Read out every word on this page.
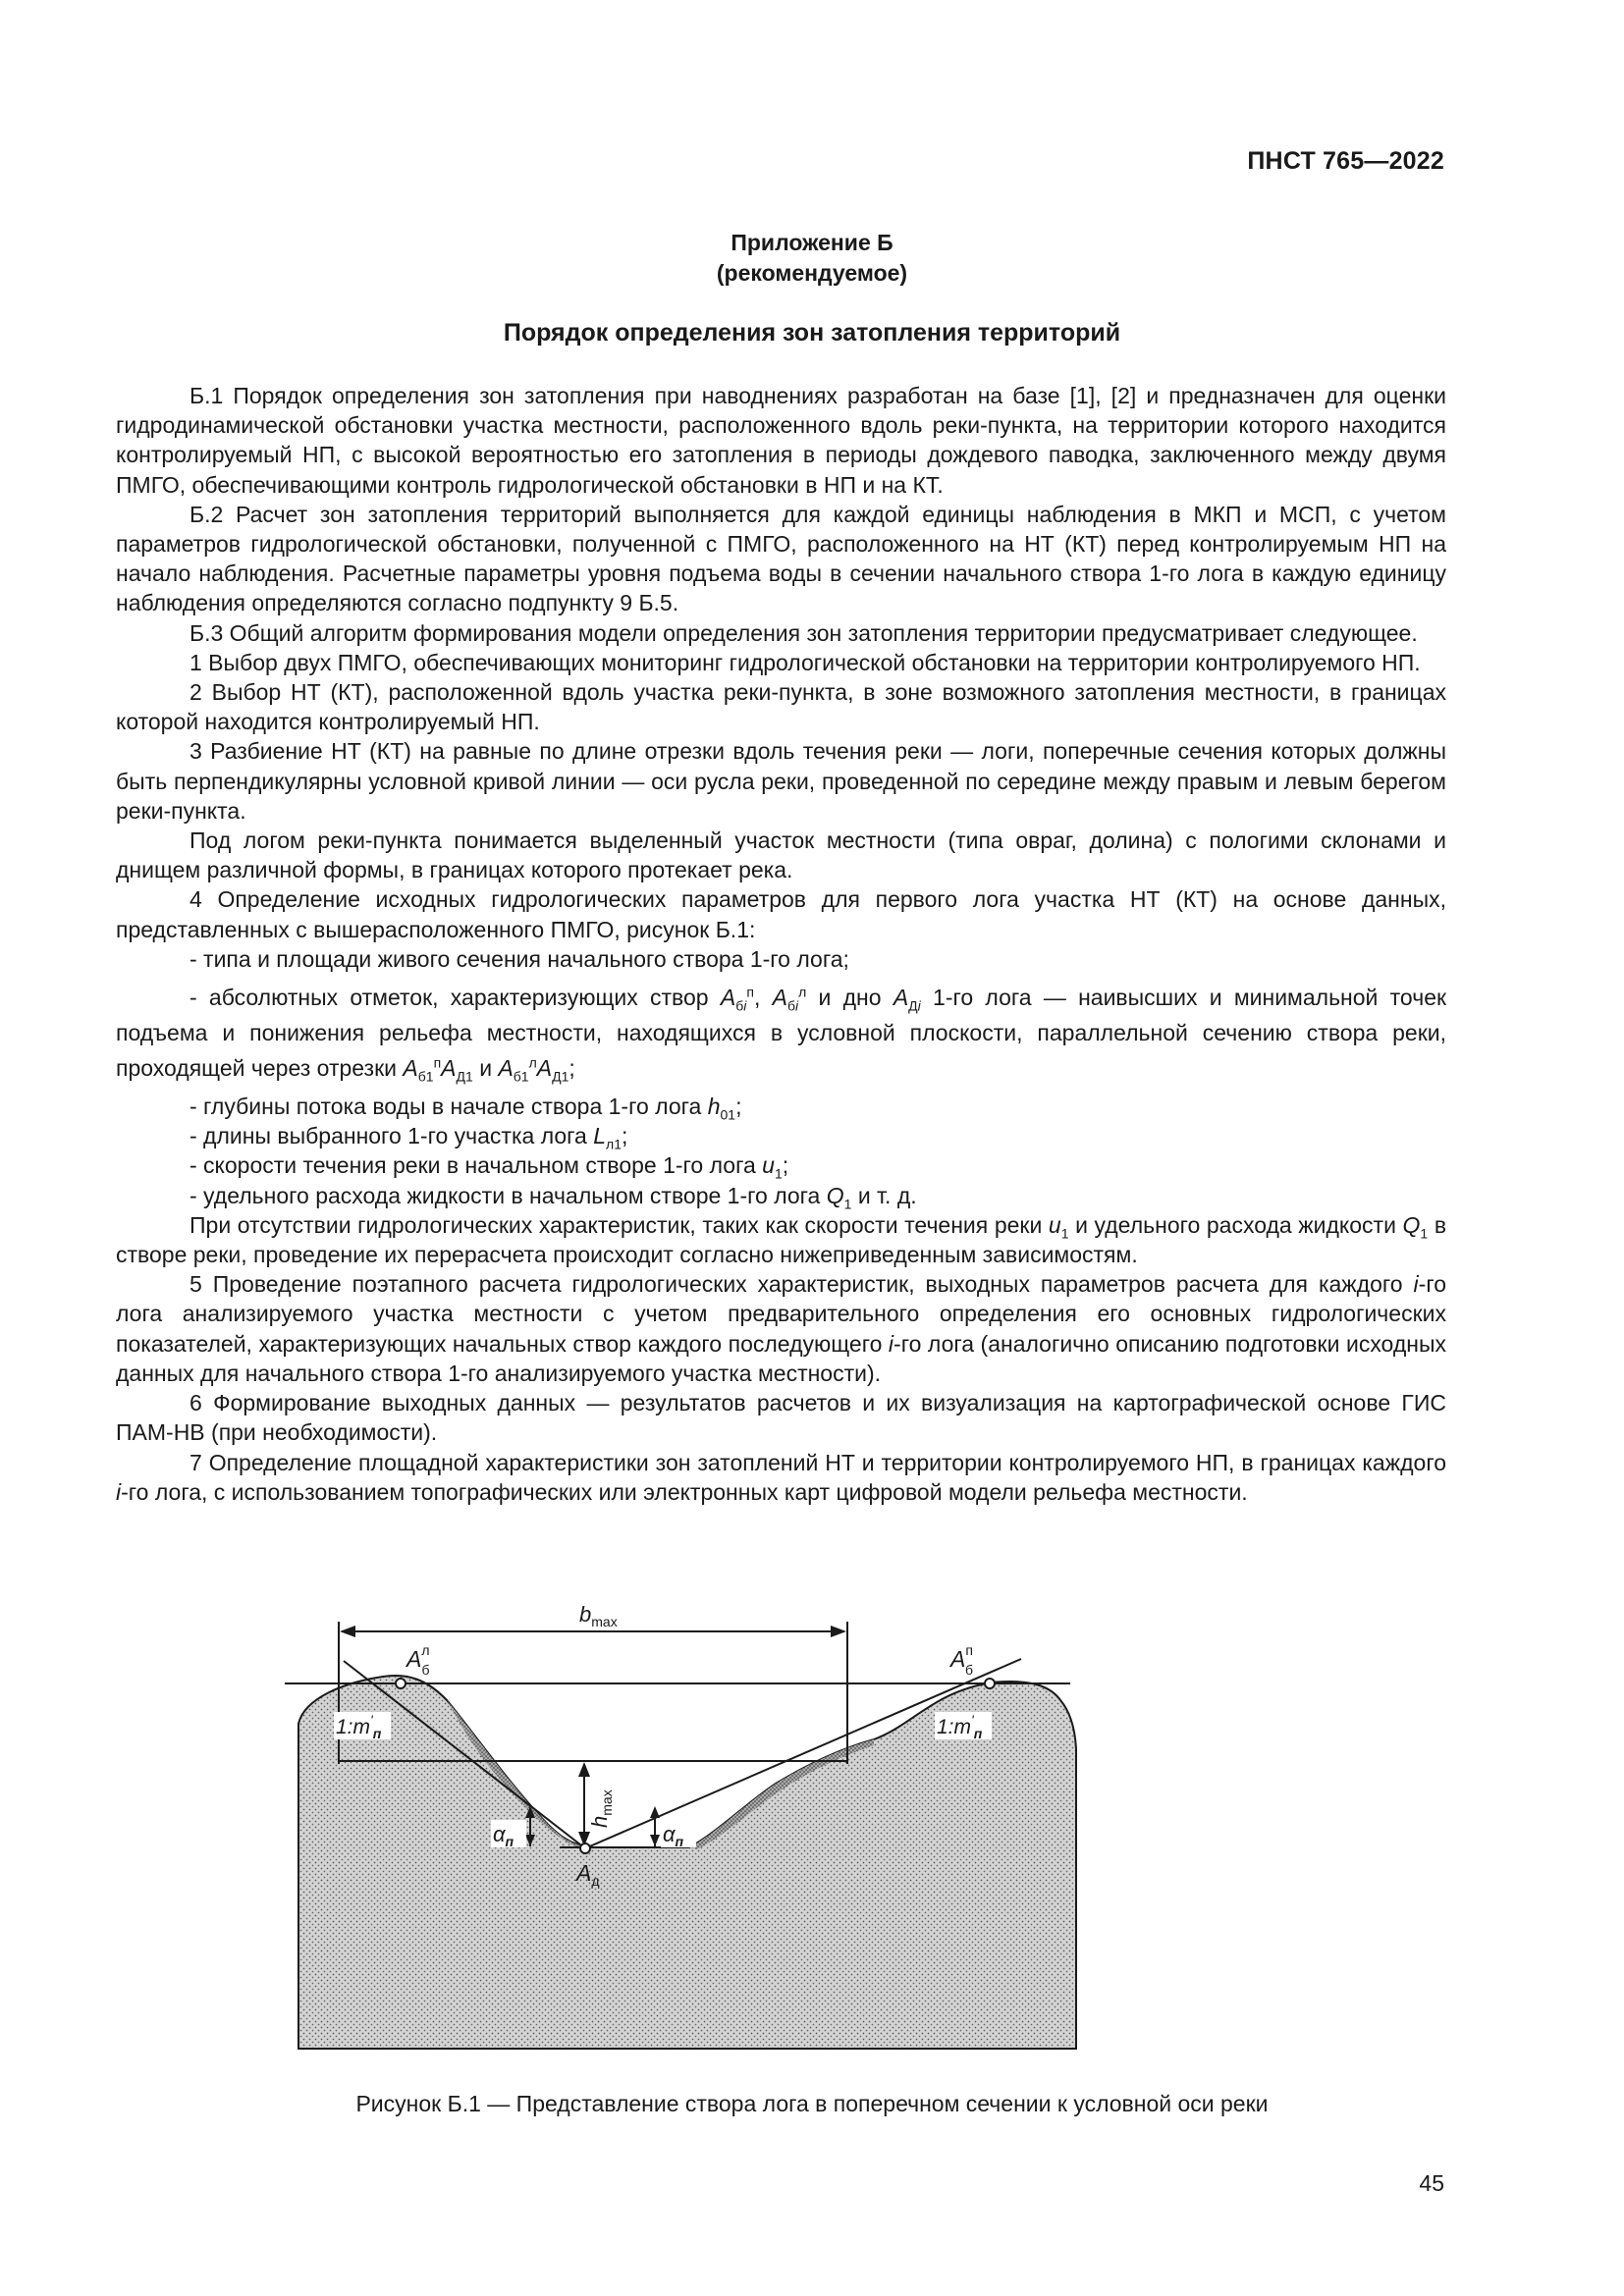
ПНСТ 765—2022
Приложение Б
(рекомендуемое)
Порядок определения зон затопления территорий

Б.1 Порядок определения зон затопления при наводнениях разработан на базе [1], [2] и предназначен для оценки гидродинамической обстановки участка местности, расположенного вдоль реки-пункта, на территории которого находится контролируемый НП, с высокой вероятностью его затопления в периоды дождевого паводка, заключенного между двумя ПМГО, обеспечивающими контроль гидрологической обстановки в НП и на КТ.

Б.2 Расчет зон затопления территорий выполняется для каждой единицы наблюдения в МКП и МСП, с учетом параметров гидрологической обстановки, полученной с ПМГО, расположенного на НТ (КТ) перед контролируемым НП на начало наблюдения. Расчетные параметры уровня подъема воды в сечении начального створа 1-го лога в каждую единицу наблюдения определяются согласно подпункту 9 Б.5.

Б.3 Общий алгоритм формирования модели определения зон затопления территории предусматривает следующее.

1 Выбор двух ПМГО, обеспечивающих мониторинг гидрологической обстановки на территории контролируемого НП.

2 Выбор НТ (КТ), расположенной вдоль участка реки-пункта, в зоне возможного затопления местности, в границах которой находится контролируемый НП.

3 Разбиение НТ (КТ) на равные по длине отрезки вдоль течения реки — логи, поперечные сечения которых должны быть перпендикулярны условной кривой линии — оси русла реки, проведенной по середине между правым и левым берегом реки-пункта.

Под логом реки-пункта понимается выделенный участок местности (типа овраг, долина) с пологими склонами и днищем различной формы, в границах которого протекает река.

4 Определение исходных гидрологических параметров для первого лога участка НТ (КТ) на основе данных, представленных с вышерасположенного ПМГО, рисунок Б.1:

- типа и площади живого сечения начального створа 1-го лога;

- абсолютных отметок, характеризующих створ $A_{бi}^п$, $A_{бi}^л$ и дно $A_{Дi}$ 1-го лога — наивысших и минимальной точек подъема и понижения рельефа местности, находящихся в условной плоскости, параллельной сечению створа реки, проходящей через отрезки $A_{б1}^пA_{Д1}$ и $A_{б1}^лA_{Д1}$;

- глубины потока воды в начале створа 1-го лога $h_{01}$;

- длины выбранного 1-го участка лога $L_{л1}$;

- скорости течения реки в начальном створе 1-го лога $u_1$;

- удельного расхода жидкости в начальном створе 1-го лога $Q_1$ и т. д.

При отсутствии гидрологических характеристик, таких как скорости течения реки $u_1$ и удельного расхода жидкости $Q_1$ в створе реки, проведение их перерасчета происходит согласно нижеприведенным зависимостям.

5 Проведение поэтапного расчета гидрологических характеристик, выходных параметров расчета для каждого i-го лога анализируемого участка местности с учетом предварительного определения его основных гидрологических показателей, характеризующих начальных створ каждого последующего i-го лога (аналогично описанию подготовки исходных данных для начального створа 1-го анализируемого участка местности).

6 Формирование выходных данных — результатов расчетов и их визуализация на картографической основе ГИС ПАМ-НВ (при необходимости).

7 Определение площадной характеристики зон затоплений НТ и территории контролируемого НП, в границах каждого i-го лога, с использованием топографических или электронных карт цифровой модели рельефа местности.

$b_{max}$
$h_{max}$
$\alpha_п$	$\alpha_п$
$1:m'_п$	$1:m'_п$
$A^л$ б	$A^п$ б
$A_д$
Рисунок Б.1 — Представление створа лога в поперечном сечении к условной оси реки
45
